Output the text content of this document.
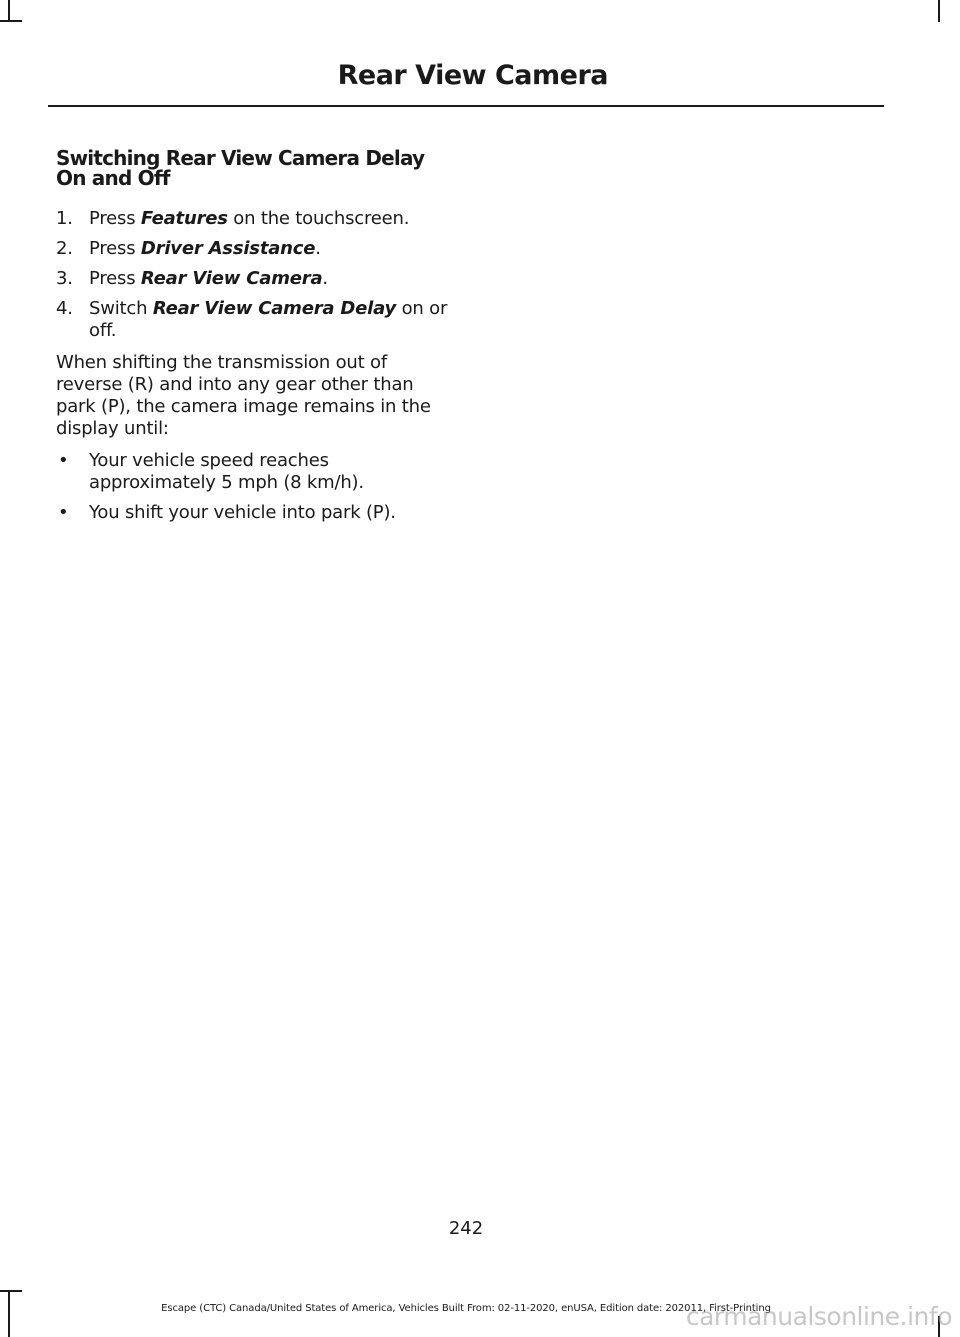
Rear View Camera
Switching Rear View Camera Delay On and Off
1. Press Features on the touchscreen.
2. Press Driver Assistance.
3. Press Rear View Camera.
4. Switch Rear View Camera Delay on or off.

When shifting the transmission out of reverse (R) and into any gear other than park (P), the camera image remains in the display until:

• Your vehicle speed reaches approximately 5 mph (8 km/h).
• You shift your vehicle into park (P).
242
Escape (CTC) Canada/United States of America, Vehicles Built From: 02-11-2020, enUSA, Edition date: 202011, First-Printing
carmanualsonline.info
